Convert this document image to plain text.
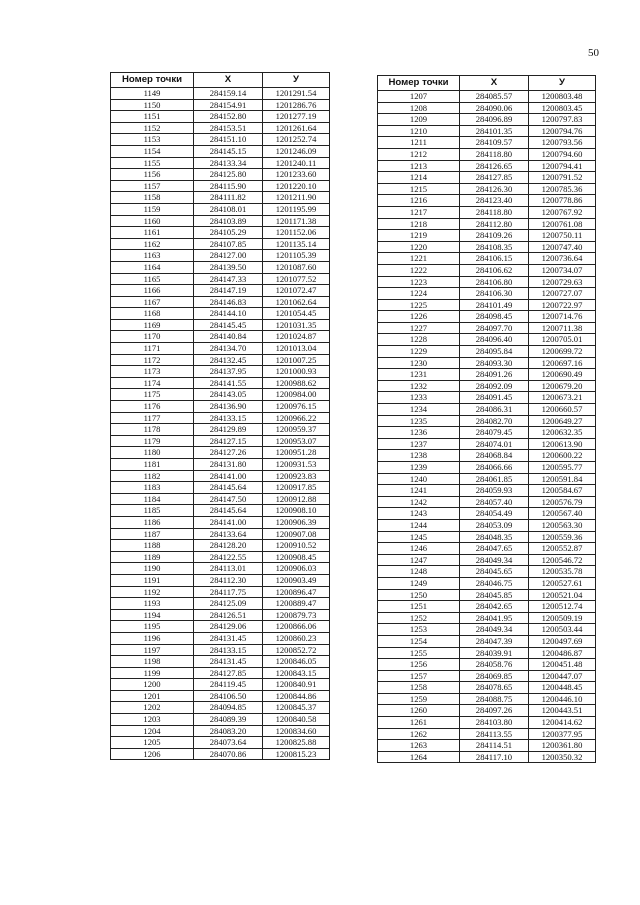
50
Номер точки	X	У
1149	284159.14	1201291.54
1150	284154.91	1201286.76
1151	284152.80	1201277.19
1152	284153.51	1201261.64
1153	284151.10	1201252.74
1154	284145.15	1201246.09
1155	284133.34	1201240.11
1156	284125.80	1201233.60
1157	284115.90	1201220.10
1158	284111.82	1201211.90
1159	284108.01	1201195.99
1160	284103.89	1201171.38
1161	284105.29	1201152.06
1162	284107.85	1201135.14
1163	284127.00	1201105.39
1164	284139.50	1201087.60
1165	284147.33	1201077.52
1166	284147.19	1201072.47
1167	284146.83	1201062.64
1168	284144.10	1201054.45
1169	284145.45	1201031.35
1170	284140.84	1201024.87
1171	284134.70	1201013.04
1172	284132.45	1201007.25
1173	284137.95	1201000.93
1174	284141.55	1200988.62
1175	284143.05	1200984.00
1176	284136.90	1200976.15
1177	284133.15	1200966.22
1178	284129.89	1200959.37
1179	284127.15	1200953.07
1180	284127.26	1200951.28
1181	284131.80	1200931.53
1182	284141.00	1200923.83
1183	284145.64	1200917.85
1184	284147.50	1200912.88
1185	284145.64	1200908.10
1186	284141.00	1200906.39
1187	284133.64	1200907.08
1188	284128.20	1200910.52
1189	284122.55	1200908.45
1190	284113.01	1200906.03
1191	284112.30	1200903.49
1192	284117.75	1200896.47
1193	284125.09	1200889.47
1194	284126.51	1200879.73
1195	284129.06	1200866.06
1196	284131.45	1200860.23
1197	284133.15	1200852.72
1198	284131.45	1200846.05
1199	284127.85	1200843.15
1200	284119.45	1200840.91
1201	284106.50	1200844.86
1202	284094.85	1200845.37
1203	284089.39	1200840.58
1204	284083.20	1200834.60
1205	284073.64	1200825.88
1206	284070.86	1200815.23
Номер точки	X	У
1207	284085.57	1200803.48
1208	284090.06	1200803.45
1209	284096.89	1200797.83
1210	284101.35	1200794.76
1211	284109.57	1200793.56
1212	284118.80	1200794.60
1213	284126.65	1200794.41
1214	284127.85	1200791.52
1215	284126.30	1200785.36
1216	284123.40	1200778.86
1217	284118.80	1200767.92
1218	284112.80	1200761.08
1219	284109.26	1200750.11
1220	284108.35	1200747.40
1221	284106.15	1200736.64
1222	284106.62	1200734.07
1223	284106.80	1200729.63
1224	284106.30	1200727.07
1225	284101.49	1200722.97
1226	284098.45	1200714.76
1227	284097.70	1200711.38
1228	284096.40	1200705.01
1229	284095.84	1200699.72
1230	284093.30	1200697.16
1231	284091.26	1200690.49
1232	284092.09	1200679.20
1233	284091.45	1200673.21
1234	284086.31	1200660.57
1235	284082.70	1200649.27
1236	284079.45	1200632.35
1237	284074.01	1200613.90
1238	284068.84	1200600.22
1239	284066.66	1200595.77
1240	284061.85	1200591.84
1241	284059.93	1200584.67
1242	284057.40	1200576.79
1243	284054.49	1200567.40
1244	284053.09	1200563.30
1245	284048.35	1200559.36
1246	284047.65	1200552.87
1247	284049.34	1200546.72
1248	284045.65	1200535.78
1249	284046.75	1200527.61
1250	284045.85	1200521.04
1251	284042.65	1200512.74
1252	284041.95	1200509.19
1253	284049.34	1200503.44
1254	284047.39	1200497.69
1255	284039.91	1200486.87
1256	284058.76	1200451.48
1257	284069.85	1200447.07
1258	284078.65	1200448.45
1259	284088.75	1200446.10
1260	284097.26	1200443.51
1261	284103.80	1200414.62
1262	284113.55	1200377.95
1263	284114.51	1200361.80
1264	284117.10	1200350.32
